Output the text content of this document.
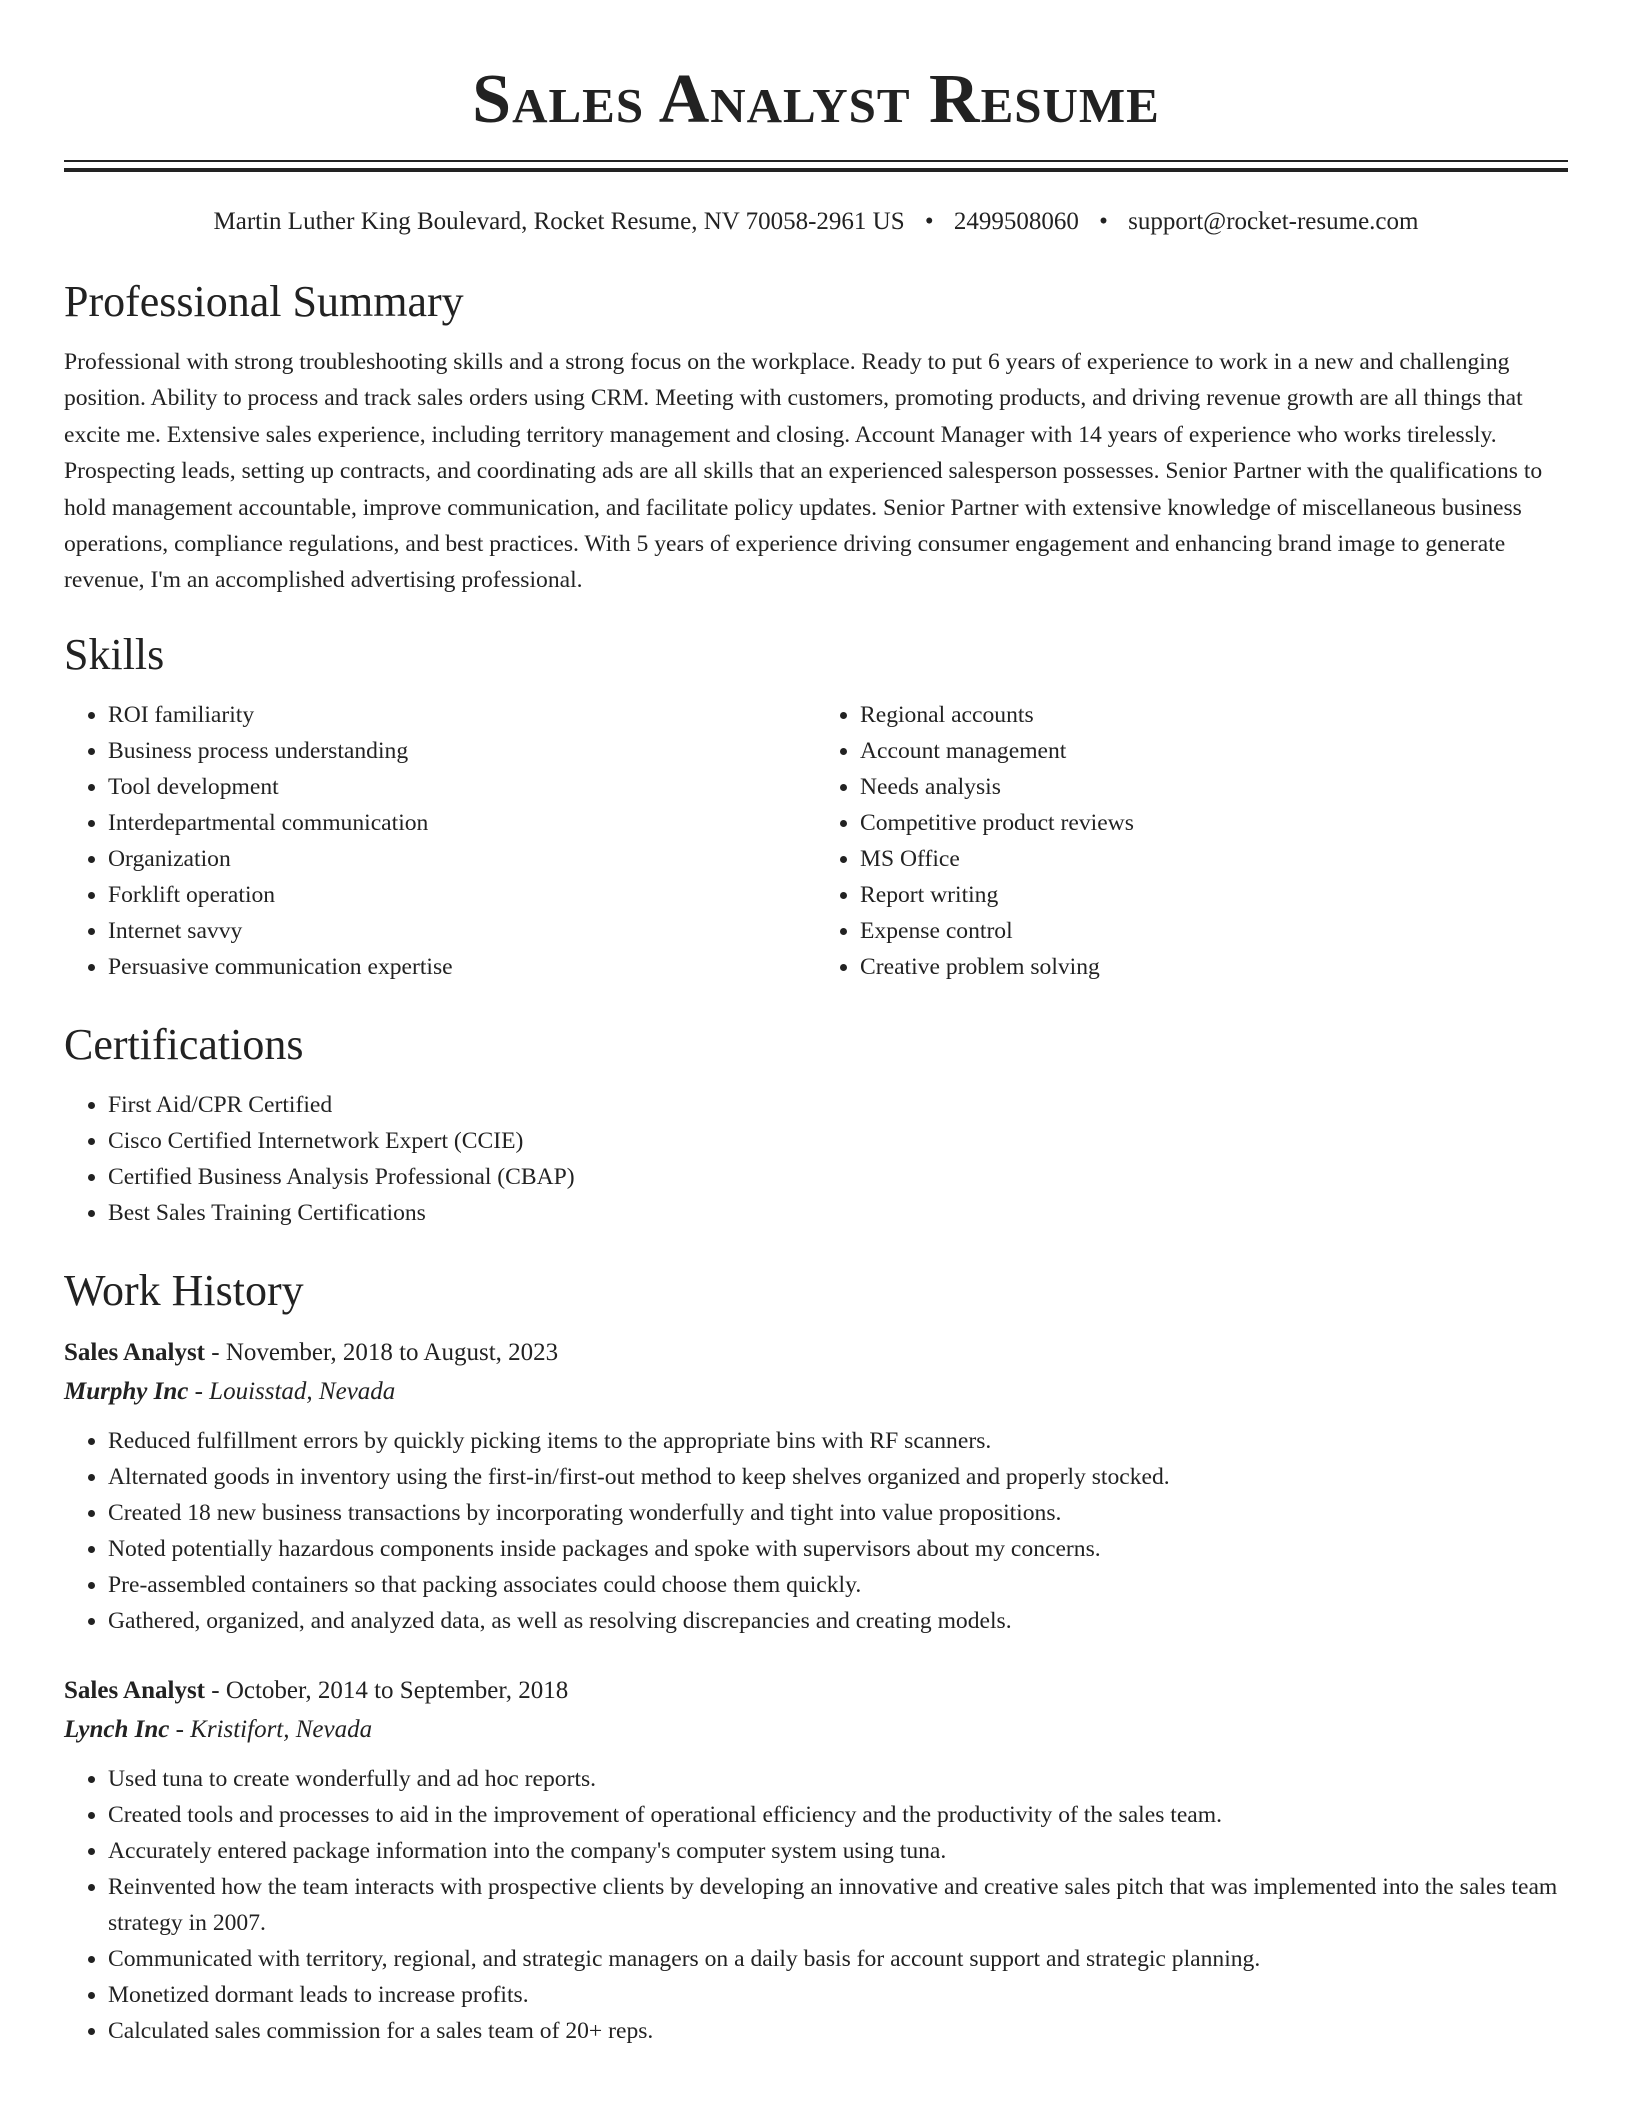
Sales Analyst Resume
Martin Luther King Boulevard, Rocket Resume, NV 70058-2961 US • 2499508060 • support@rocket-resume.com
Professional Summary

Professional with strong troubleshooting skills and a strong focus on the workplace. Ready to put 6 years of experience to work in a new and challenging position. Ability to process and track sales orders using CRM. Meeting with customers, promoting products, and driving revenue growth are all things that excite me. Extensive sales experience, including territory management and closing. Account Manager with 14 years of experience who works tirelessly. Prospecting leads, setting up contracts, and coordinating ads are all skills that an experienced salesperson possesses. Senior Partner with the qualifications to hold management accountable, improve communication, and facilitate policy updates. Senior Partner with extensive knowledge of miscellaneous business operations, compliance regulations, and best practices. With 5 years of experience driving consumer engagement and enhancing brand image to generate revenue, I'm an accomplished advertising professional.

Skills
• ROI familiarity
• Business process understanding
• Tool development
• Interdepartmental communication
• Organization
• Forklift operation
• Internet savvy
• Persuasive communication expertise
• Regional accounts
• Account management
• Needs analysis
• Competitive product reviews
• MS Office
• Report writing
• Expense control
• Creative problem solving
Certifications
• First Aid/CPR Certified
• Cisco Certified Internetwork Expert (CCIE)
• Certified Business Analysis Professional (CBAP)
• Best Sales Training Certifications
Work History
Sales Analyst - November, 2018 to August, 2023
Murphy Inc - Louisstad, Nevada
• Reduced fulfillment errors by quickly picking items to the appropriate bins with RF scanners.
• Alternated goods in inventory using the first-in/first-out method to keep shelves organized and properly stocked.
• Created 18 new business transactions by incorporating wonderfully and tight into value propositions.
• Noted potentially hazardous components inside packages and spoke with supervisors about my concerns.
• Pre-assembled containers so that packing associates could choose them quickly.
• Gathered, organized, and analyzed data, as well as resolving discrepancies and creating models.
Sales Analyst - October, 2014 to September, 2018
Lynch Inc - Kristifort, Nevada
• Used tuna to create wonderfully and ad hoc reports.
• Created tools and processes to aid in the improvement of operational efficiency and the productivity of the sales team.
• Accurately entered package information into the company's computer system using tuna.
• Reinvented how the team interacts with prospective clients by developing an innovative and creative sales pitch that was implemented into the sales team strategy in 2007.
• Communicated with territory, regional, and strategic managers on a daily basis for account support and strategic planning.
• Monetized dormant leads to increase profits.
• Calculated sales commission for a sales team of 20+ reps.
